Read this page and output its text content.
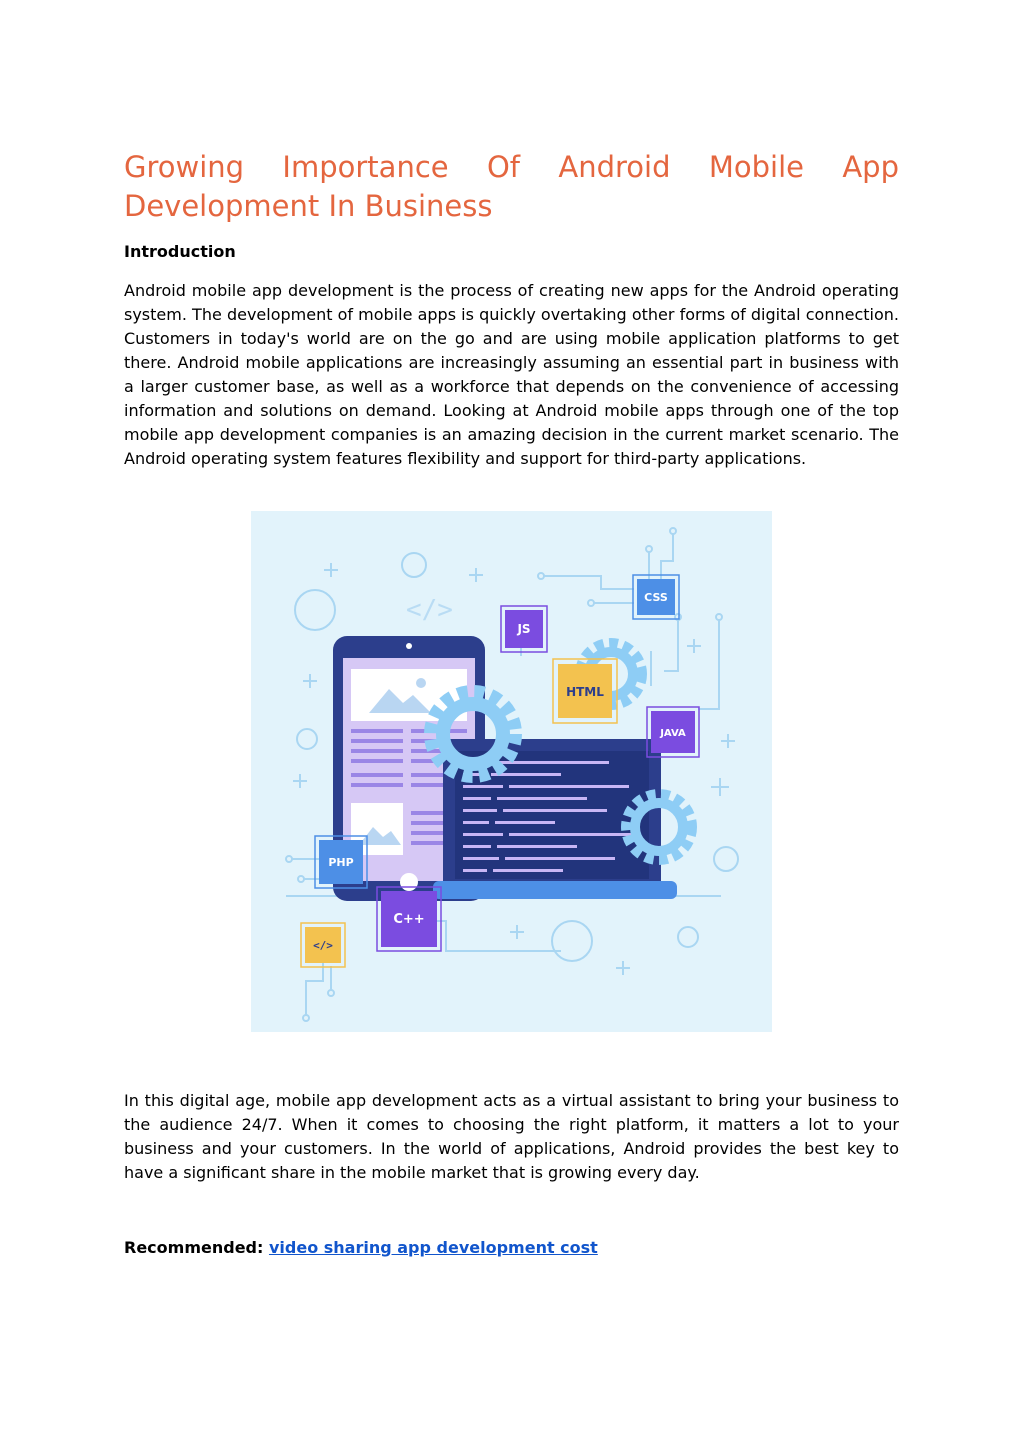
Growing Importance Of Android Mobile App
Development In Business
Introduction

Android mobile app development is the process of creating new apps for the Android operating system. The development of mobile apps is quickly overtaking other forms of digital connection. Customers in today's world are on the go and are using mobile application platforms to get there. Android mobile applications are increasingly assuming an essential part in business with a larger customer base, as well as a workforce that depends on the convenience of accessing information and solutions on demand. Looking at Android mobile apps through one of the top mobile app development companies is an amazing decision in the current market scenario. The Android operating system features flexibility and support for third-party applications.

In this digital age, mobile app development acts as a virtual assistant to bring your business to the audience 24/7. When it comes to choosing the right platform, it matters a lot to your business and your customers. In the world of applications, Android provides the best key to have a significant share in the mobile market that is growing every day.

Recommended: video sharing app development cost

</>	CSS
JS
HTML
JAVA
PHP
C++
</>
